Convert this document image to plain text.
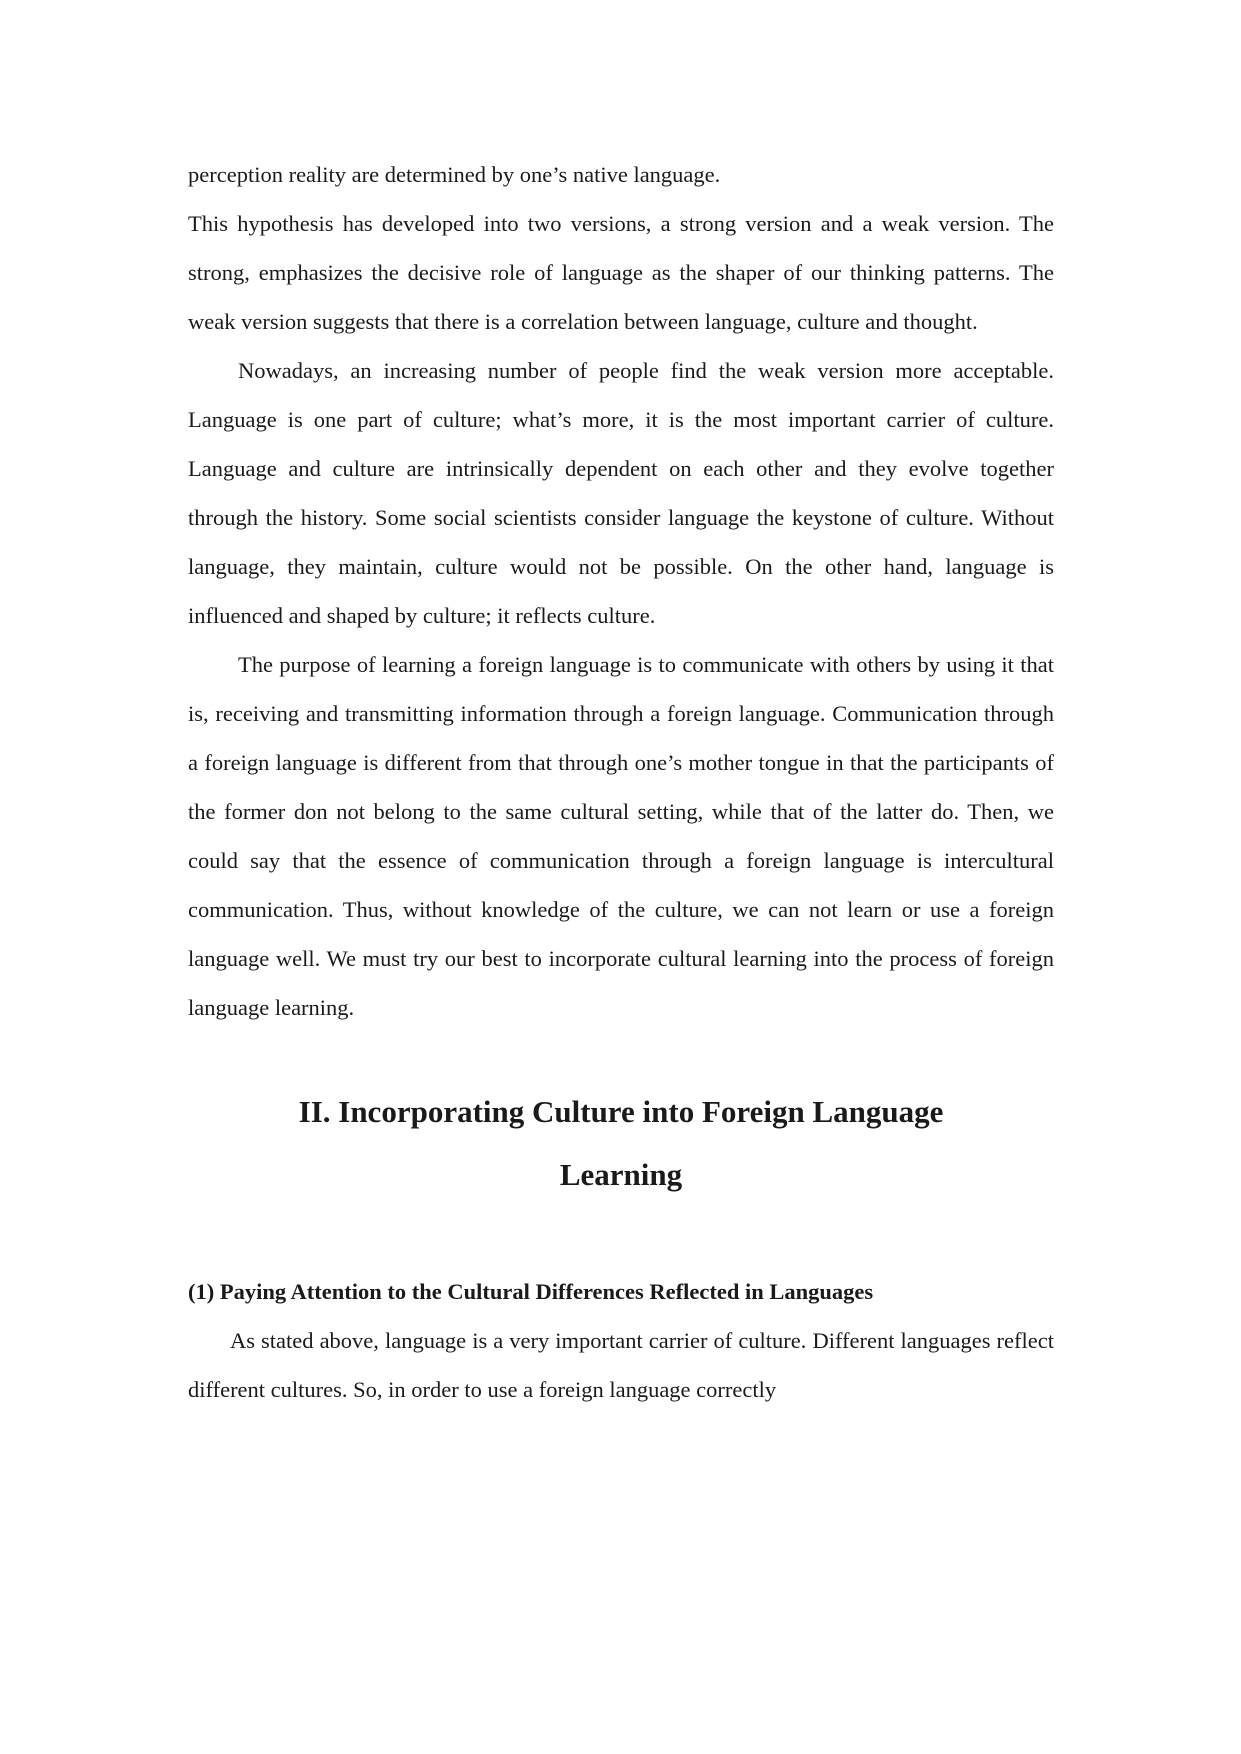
perception reality are determined by one’s native language.

This hypothesis has developed into two versions, a strong version and a weak version. The strong, emphasizes the decisive role of language as the shaper of our thinking patterns. The weak version suggests that there is a correlation between language, culture and thought.

Nowadays, an increasing number of people find the weak version more acceptable. Language is one part of culture; what’s more, it is the most important carrier of culture. Language and culture are intrinsically dependent on each other and they evolve together through the history. Some social scientists consider language the keystone of culture. Without language, they maintain, culture would not be possible. On the other hand, language is influenced and shaped by culture; it reflects culture.

The purpose of learning a foreign language is to communicate with others by using it that is, receiving and transmitting information through a foreign language. Communication through a foreign language is different from that through one’s mother tongue in that the participants of the former don not belong to the same cultural setting, while that of the latter do. Then, we could say that the essence of communication through a foreign language is intercultural communication. Thus, without knowledge of the culture, we can not learn or use a foreign language well. We must try our best to incorporate cultural learning into the process of foreign language learning.

II. Incorporating Culture into Foreign Language
Learning
(1) Paying Attention to the Cultural Differences Reflected in Languages

As stated above, language is a very important carrier of culture. Different languages reflect different cultures. So, in order to use a foreign language correctly
